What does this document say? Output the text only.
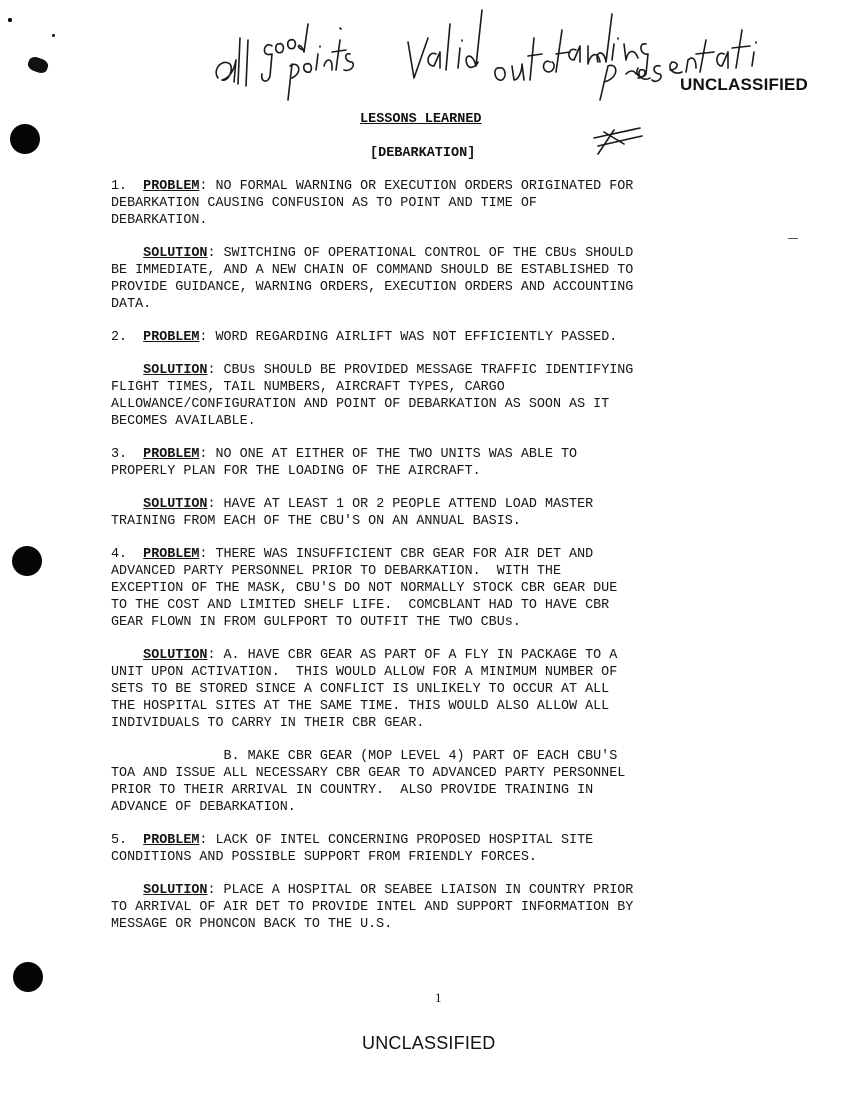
UNCLASSIFIED
LESSONS LEARNED
[DEBARKATION]

1. PROBLEM: NO FORMAL WARNING OR EXECUTION ORDERS ORIGINATED FOR
DEBARKATION CAUSING CONFUSION AS TO POINT AND TIME OF
DEBARKATION.

SOLUTION: SWITCHING OF OPERATIONAL CONTROL OF THE CBUs SHOULD
BE IMMEDIATE, AND A NEW CHAIN OF COMMAND SHOULD BE ESTABLISHED TO
PROVIDE GUIDANCE, WARNING ORDERS, EXECUTION ORDERS AND ACCOUNTING
DATA.

2. PROBLEM: WORD REGARDING AIRLIFT WAS NOT EFFICIENTLY PASSED.

SOLUTION: CBUs SHOULD BE PROVIDED MESSAGE TRAFFIC IDENTIFYING
FLIGHT TIMES, TAIL NUMBERS, AIRCRAFT TYPES, CARGO
ALLOWANCE/CONFIGURATION AND POINT OF DEBARKATION AS SOON AS IT
BECOMES AVAILABLE.

3. PROBLEM: NO ONE AT EITHER OF THE TWO UNITS WAS ABLE TO
PROPERLY PLAN FOR THE LOADING OF THE AIRCRAFT.

SOLUTION: HAVE AT LEAST 1 OR 2 PEOPLE ATTEND LOAD MASTER
TRAINING FROM EACH OF THE CBU'S ON AN ANNUAL BASIS.

4. PROBLEM: THERE WAS INSUFFICIENT CBR GEAR FOR AIR DET AND
ADVANCED PARTY PERSONNEL PRIOR TO DEBARKATION.  WITH THE
EXCEPTION OF THE MASK, CBU'S DO NOT NORMALLY STOCK CBR GEAR DUE
TO THE COST AND LIMITED SHELF LIFE.  COMCBLANT HAD TO HAVE CBR
GEAR FLOWN IN FROM GULFPORT TO OUTFIT THE TWO CBUs.

SOLUTION: A. HAVE CBR GEAR AS PART OF A FLY IN PACKAGE TO A
UNIT UPON ACTIVATION.  THIS WOULD ALLOW FOR A MINIMUM NUMBER OF
SETS TO BE STORED SINCE A CONFLICT IS UNLIKELY TO OCCUR AT ALL
THE HOSPITAL SITES AT THE SAME TIME. THIS WOULD ALSO ALLOW ALL
INDIVIDUALS TO CARRY IN THEIR CBR GEAR.

B. MAKE CBR GEAR (MOP LEVEL 4) PART OF EACH CBU'S
TOA AND ISSUE ALL NECESSARY CBR GEAR TO ADVANCED PARTY PERSONNEL
PRIOR TO THEIR ARRIVAL IN COUNTRY.  ALSO PROVIDE TRAINING IN
ADVANCE OF DEBARKATION.

5. PROBLEM: LACK OF INTEL CONCERNING PROPOSED HOSPITAL SITE
CONDITIONS AND POSSIBLE SUPPORT FROM FRIENDLY FORCES.

SOLUTION: PLACE A HOSPITAL OR SEABEE LIAISON IN COUNTRY PRIOR
TO ARRIVAL OF AIR DET TO PROVIDE INTEL AND SUPPORT INFORMATION BY
MESSAGE OR PHONCON BACK TO THE U.S.

1
UNCLASSIFIED
